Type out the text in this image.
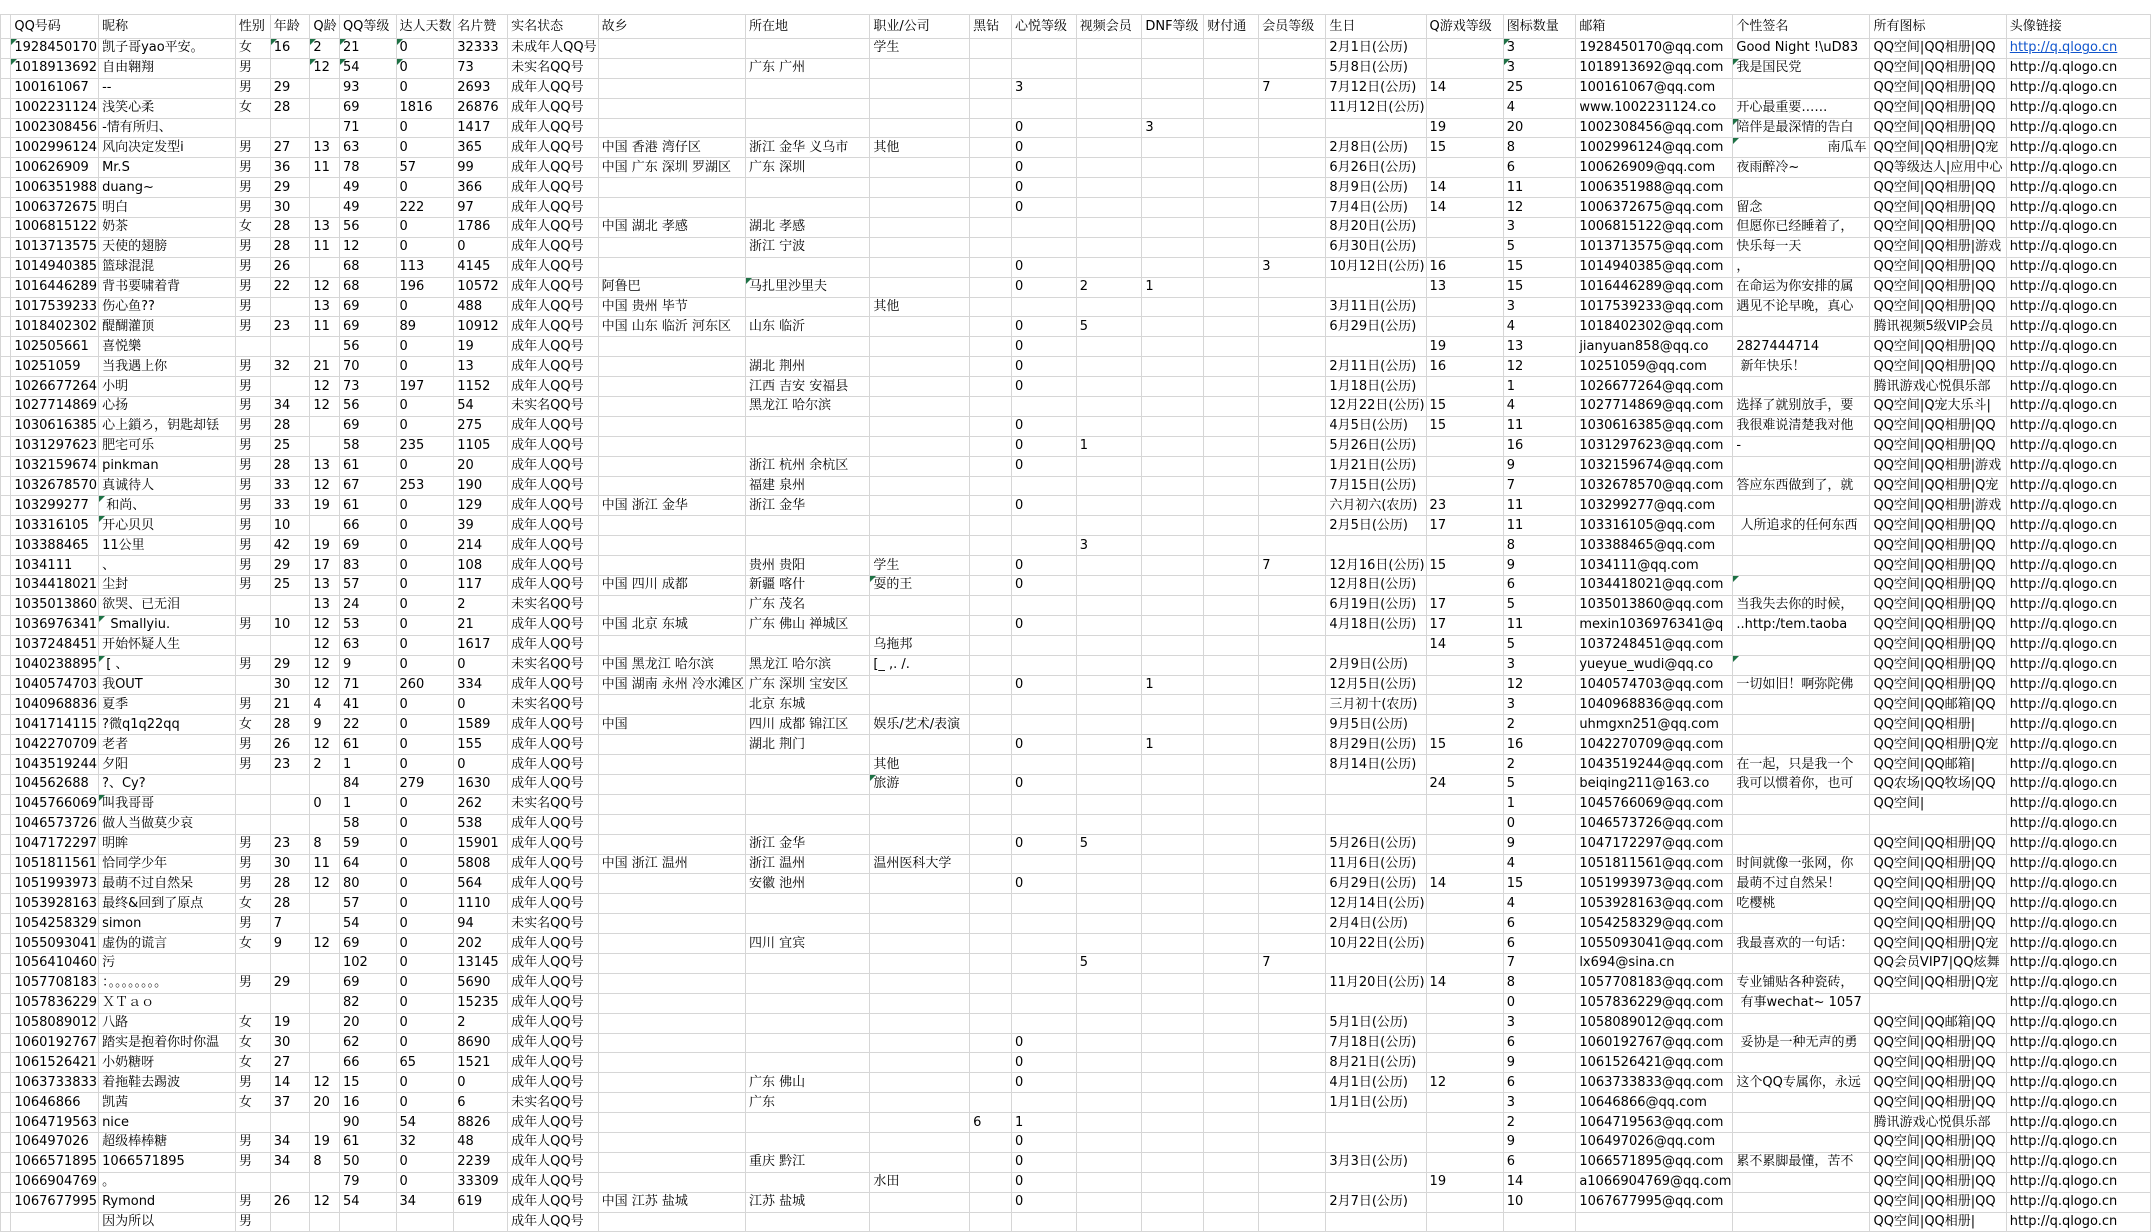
	QQ号码	昵称	性别	年龄	Q龄	QQ等级	达人天数	名片赞	实名状态	故乡	所在地	职业/公司	黑钻	心悦等级	视频会员	DNF等级	财付通	会员等级	生日	Q游戏等级	图标数量	邮箱	个性签名	所有图标	头像链接
	1928450170	凯子哥yao平安。	女	16	2	21	0	32333	未成年人QQ号			学生							2月1日(公历)		3	1928450170@qq.com	Good Night !\uD83	QQ空间|QQ相册|QQ	http://q.qlogo.cn
	1018913692	自由翱翔	男		12	54	0	73	未实名QQ号		广东 广州								5月8日(公历)		3	1018913692@qq.com	我是国民党	QQ空间|QQ相册|QQ	http://q.qlogo.cn
	100161067	--	男	29		93	0	2693	成年人QQ号					3				7	7月12日(公历)	14	25	100161067@qq.com		QQ空间|QQ相册|QQ	http://q.qlogo.cn
	1002231124	浅笑心柔	女	28		69	1816	26876	成年人QQ号										11月12日(公历)		4	www.1002231124.co	开心最重要……	QQ空间|QQ相册|QQ	http://q.qlogo.cn
	1002308456	-情有所归、				71	0	1417	成年人QQ号					0		3				19	20	1002308456@qq.com	陪伴是最深情的告白	QQ空间|QQ相册|QQ	http://q.qlogo.cn
	1002996124	风向决定发型i	男	27	13	63	0	365	成年人QQ号	中国 香港 湾仔区	浙江 金华 义乌市	其他		0					2月8日(公历)	15	8	1002996124@qq.com	南瓜车	QQ空间|QQ相册|Q宠	http://q.qlogo.cn
	100626909	Mr.S	男	36	11	78	57	99	成年人QQ号	中国 广东 深圳 罗湖区	广东 深圳			0					6月26日(公历)		6	100626909@qq.com	夜雨醉冷~	QQ等级达人|应用中心	http://q.qlogo.cn
	1006351988	duang~	男	29		49	0	366	成年人QQ号					0					8月9日(公历)	14	11	1006351988@qq.com		QQ空间|QQ相册|QQ	http://q.qlogo.cn
	1006372675	明白	男	30		49	222	97	成年人QQ号					0					7月4日(公历)	14	12	1006372675@qq.com	留念	QQ空间|QQ相册|QQ	http://q.qlogo.cn
	1006815122	奶茶	女	28	13	56	0	1786	成年人QQ号	中国 湖北 孝感	湖北 孝感								8月20日(公历)		3	1006815122@qq.com	但愿你已经睡着了，	QQ空间|QQ相册|QQ	http://q.qlogo.cn
	1013713575	天使的翅膀	男	28	11	12	0	0	成年人QQ号		浙江 宁波								6月30日(公历)		5	1013713575@qq.com	快乐每一天	QQ空间|QQ相册|游戏	http://q.qlogo.cn
	1014940385	篮球混混	男	26		68	113	4145	成年人QQ号					0				3	10月12日(公历)	16	15	1014940385@qq.com	，	QQ空间|QQ相册|QQ	http://q.qlogo.cn
	1016446289	背书要啸着背	男	22	12	68	196	10572	成年人QQ号	阿鲁巴	马扎里沙里夫			0	2	1				13	15	1016446289@qq.com	在命运为你安排的属	QQ空间|QQ相册|QQ	http://q.qlogo.cn
	1017539233	伤心鱼??	男		13	69	0	488	成年人QQ号	中国 贵州 毕节		其他							3月11日(公历)		3	1017539233@qq.com	遇见不论早晚，真心	QQ空间|QQ相册|QQ	http://q.qlogo.cn
	1018402302	醍醐灌顶	男	23	11	69	89	10912	成年人QQ号	中国 山东 临沂 河东区	山东 临沂			0	5				6月29日(公历)		4	1018402302@qq.com		腾讯视频5级VIP会员	http://q.qlogo.cn
	102505661	喜悦樂				56	0	19	成年人QQ号					0						19	13	jianyuan858@qq.co	2827444714	QQ空间|QQ相册|QQ	http://q.qlogo.cn
	10251059	当我遇上你	男	32	21	70	0	13	成年人QQ号		湖北 荆州			0					2月11日(公历)	16	12	10251059@qq.com	新年快乐！	QQ空间|QQ相册|QQ	http://q.qlogo.cn
	1026677264	小明	男		12	73	197	1152	成年人QQ号		江西 吉安 安福县			0					1月18日(公历)		1	1026677264@qq.com		腾讯游戏心悦俱乐部	http://q.qlogo.cn
	1027714869	心扬	男	34	12	56	0	54	未实名QQ号		黑龙江 哈尔滨								12月22日(公历)	15	4	1027714869@qq.com	选择了就别放手，要	QQ空间|Q宠大乐斗|	http://q.qlogo.cn
	1030616385	心上鎖ろ，钥匙却铥	男	28		69	0	275	成年人QQ号					0					4月5日(公历)	15	11	1030616385@qq.com	我很难说清楚我对他	QQ空间|QQ相册|QQ	http://q.qlogo.cn
	1031297623	肥宅可乐	男	25		58	235	1105	成年人QQ号					0	1				5月26日(公历)		16	1031297623@qq.com	-	QQ空间|QQ相册|QQ	http://q.qlogo.cn
	1032159674	pinkman	男	28	13	61	0	20	成年人QQ号		浙江 杭州 余杭区			0					1月21日(公历)		9	1032159674@qq.com		QQ空间|QQ相册|游戏	http://q.qlogo.cn
	1032678570	真诚待人	男	33	12	67	253	190	成年人QQ号		福建 泉州								7月15日(公历)		7	1032678570@qq.com	答应东西做到了，就	QQ空间|QQ相册|Q宠	http://q.qlogo.cn
	103299277	和尚、	男	33	19	61	0	129	成年人QQ号	中国 浙江 金华	浙江 金华			0					六月初六(农历)	23	11	103299277@qq.com		QQ空间|QQ相册|游戏	http://q.qlogo.cn
	103316105	开心贝贝	男	10		66	0	39	成年人QQ号										2月5日(公历)	17	11	103316105@qq.com	人所追求的任何东西	QQ空间|QQ相册|QQ	http://q.qlogo.cn
	103388465	11公里	男	42	19	69	0	214	成年人QQ号						3						8	103388465@qq.com		QQ空间|QQ相册|QQ	http://q.qlogo.cn
	1034111	、	男	29	17	83	0	108	成年人QQ号		贵州 贵阳	学生		0				7	12月16日(公历)	15	9	1034111@qq.com		QQ空间|QQ相册|QQ	http://q.qlogo.cn
	1034418021	尘封	男	25	13	57	0	117	成年人QQ号	中国 四川 成都	新疆 喀什	耍的王		0					12月8日(公历)		6	1034418021@qq.com		QQ空间|QQ相册|QQ	http://q.qlogo.cn
	1035013860	欲哭、已无泪			13	24	0	2	未实名QQ号		广东 茂名								6月19日(公历)	17	5	1035013860@qq.com	当我失去你的时候，	QQ空间|QQ相册|QQ	http://q.qlogo.cn
	1036976341	Smallyiu.	男	10	12	53	0	21	成年人QQ号	中国 北京 东城	广东 佛山 禅城区			0					4月18日(公历)	17	11	mexin1036976341@q	..http:/tem.taoba	QQ空间|QQ相册|QQ	http://q.qlogo.cn
	1037248451	开始怀疑人生			12	63	0	1617	成年人QQ号			乌拖邦								14	5	1037248451@qq.com		QQ空间|QQ相册|QQ	http://q.qlogo.cn
	1040238895	[ 、	男	29	12	9	0	0	未实名QQ号	中国 黑龙江 哈尔滨	黑龙江 哈尔滨	[_ ,. /.							2月9日(公历)		3	yueyue_wudi@qq.co		QQ空间|QQ相册|QQ	http://q.qlogo.cn
	1040574703	我OUT		30	12	71	260	334	成年人QQ号	中国 湖南 永州 冷水滩区	广东 深圳 宝安区			0		1			12月5日(公历)		12	1040574703@qq.com	一切如旧！啊弥陀佛	QQ空间|QQ相册|QQ	http://q.qlogo.cn
	1040968836	夏季	男	21	4	41	0	0	未实名QQ号		北京 东城								三月初十(农历)		3	1040968836@qq.com		QQ空间|QQ邮箱|QQ	http://q.qlogo.cn
	1041714115	?微q1q22qq	女	28	9	22	0	1589	成年人QQ号	中国	四川 成都 锦江区	娱乐/艺术/表演							9月5日(公历)		2	uhmgxn251@qq.com		QQ空间|QQ相册|	http://q.qlogo.cn
	1042270709	老者	男	26	12	61	0	155	成年人QQ号		湖北 荆门			0		1			8月29日(公历)	15	16	1042270709@qq.com		QQ空间|QQ相册|Q宠	http://q.qlogo.cn
	1043519244	夕阳	男	23	2	1	0	0	成年人QQ号			其他							8月14日(公历)		2	1043519244@qq.com	在一起，只是我一个	QQ空间|QQ邮箱|	http://q.qlogo.cn
	104562688	?、Cy?				84	279	1630	成年人QQ号			旅游		0						24	5	beiqing211@163.co	我可以惯着你，也可	QQ农场|QQ牧场|QQ	http://q.qlogo.cn
	1045766069	叫我哥哥			0	1	0	262	未实名QQ号												1	1045766069@qq.com		QQ空间|	http://q.qlogo.cn
	1046573726	做人当做莫少哀				58	0	538	成年人QQ号												0	1046573726@qq.com			http://q.qlogo.cn
	1047172297	明眸	男	23	8	59	0	15901	成年人QQ号		浙江 金华			0	5				5月26日(公历)		9	1047172297@qq.com		QQ空间|QQ相册|QQ	http://q.qlogo.cn
	1051811561	恰同学少年	男	30	11	64	0	5808	成年人QQ号	中国 浙江 温州	浙江 温州	温州医科大学							11月6日(公历)		4	1051811561@qq.com	时间就像一张网，你	QQ空间|QQ相册|QQ	http://q.qlogo.cn
	1051993973	最萌不过自然呆	男	28	12	80	0	564	成年人QQ号		安徽 池州			0					6月29日(公历)	14	15	1051993973@qq.com	最萌不过自然呆！	QQ空间|QQ相册|QQ	http://q.qlogo.cn
	1053928163	最终&回到了原点	女	28		57	0	1110	成年人QQ号										12月14日(公历)		4	1053928163@qq.com	吃樱桃	QQ空间|QQ相册|QQ	http://q.qlogo.cn
	1054258329	simon	男	7		54	0	94	未实名QQ号										2月4日(公历)		6	1054258329@qq.com		QQ空间|QQ相册|QQ	http://q.qlogo.cn
	1055093041	虚伪的谎言	女	9	12	69	0	202	成年人QQ号		四川 宜宾								10月22日(公历)		6	1055093041@qq.com	我最喜欢的一句话：	QQ空间|QQ相册|Q宠	http://q.qlogo.cn
	1056410460	污				102	0	13145	成年人QQ号						5			7			7	lx694@sina.cn		QQ会员VIP7|QQ炫舞	http://q.qlogo.cn
	1057708183	：。。。。。。。。	男	29		69	0	5690	成年人QQ号										11月20日(公历)	14	8	1057708183@qq.com	专业铺贴各种瓷砖，	QQ空间|QQ相册|Q宠	http://q.qlogo.cn
	1057836229	ＸＴａｏ				82	0	15235	成年人QQ号												0	1057836229@qq.com	有事wechat~ 1057		http://q.qlogo.cn
	1058089012	八路	女	19		20	0	2	成年人QQ号										5月1日(公历)		3	1058089012@qq.com		QQ空间|QQ邮箱|QQ	http://q.qlogo.cn
	1060192767	踏实是抱着你时你温	女	30		62	0	8690	成年人QQ号					0					7月18日(公历)		6	1060192767@qq.com	妥协是一种无声的勇	QQ空间|QQ相册|QQ	http://q.qlogo.cn
	1061526421	小奶糖呀	女	27		66	65	1521	成年人QQ号					0					8月21日(公历)		9	1061526421@qq.com		QQ空间|QQ相册|QQ	http://q.qlogo.cn
	1063733833	着拖鞋去踢波	男	14	12	15	0	0	成年人QQ号		广东 佛山			0					4月1日(公历)	12	6	1063733833@qq.com	这个QQ专属你，永远	QQ空间|QQ相册|QQ	http://q.qlogo.cn
	10646866	凯茜	女	37	20	16	0	6	未实名QQ号		广东								1月1日(公历)		3	10646866@qq.com		QQ空间|QQ相册|QQ	http://q.qlogo.cn
	1064719563	nice				90	54	8826	成年人QQ号				6	1							2	1064719563@qq.com		腾讯游戏心悦俱乐部	http://q.qlogo.cn
	106497026	超级棒棒糖	男	34	19	61	32	48	成年人QQ号					0							9	106497026@qq.com		QQ空间|QQ相册|QQ	http://q.qlogo.cn
	1066571895	1066571895	男	34	8	50	0	2239	成年人QQ号		重庆 黔江			0					3月3日(公历)		6	1066571895@qq.com	累不累脚最懂，苦不	QQ空间|QQ相册|QQ	http://q.qlogo.cn
	1066904769	。				79	0	33309	成年人QQ号			水田		0						19	14	a1066904769@qq.com		QQ空间|QQ相册|QQ	http://q.qlogo.cn
	1067677995	Rymond	男	26	12	54	34	619	成年人QQ号	中国 江苏 盐城	江苏 盐城			0					2月7日(公历)		10	1067677995@qq.com		QQ空间|QQ相册|QQ	http://q.qlogo.cn
		因为所以	男						成年人QQ号															QQ空间|QQ相册|	http://q.qlogo.cn
